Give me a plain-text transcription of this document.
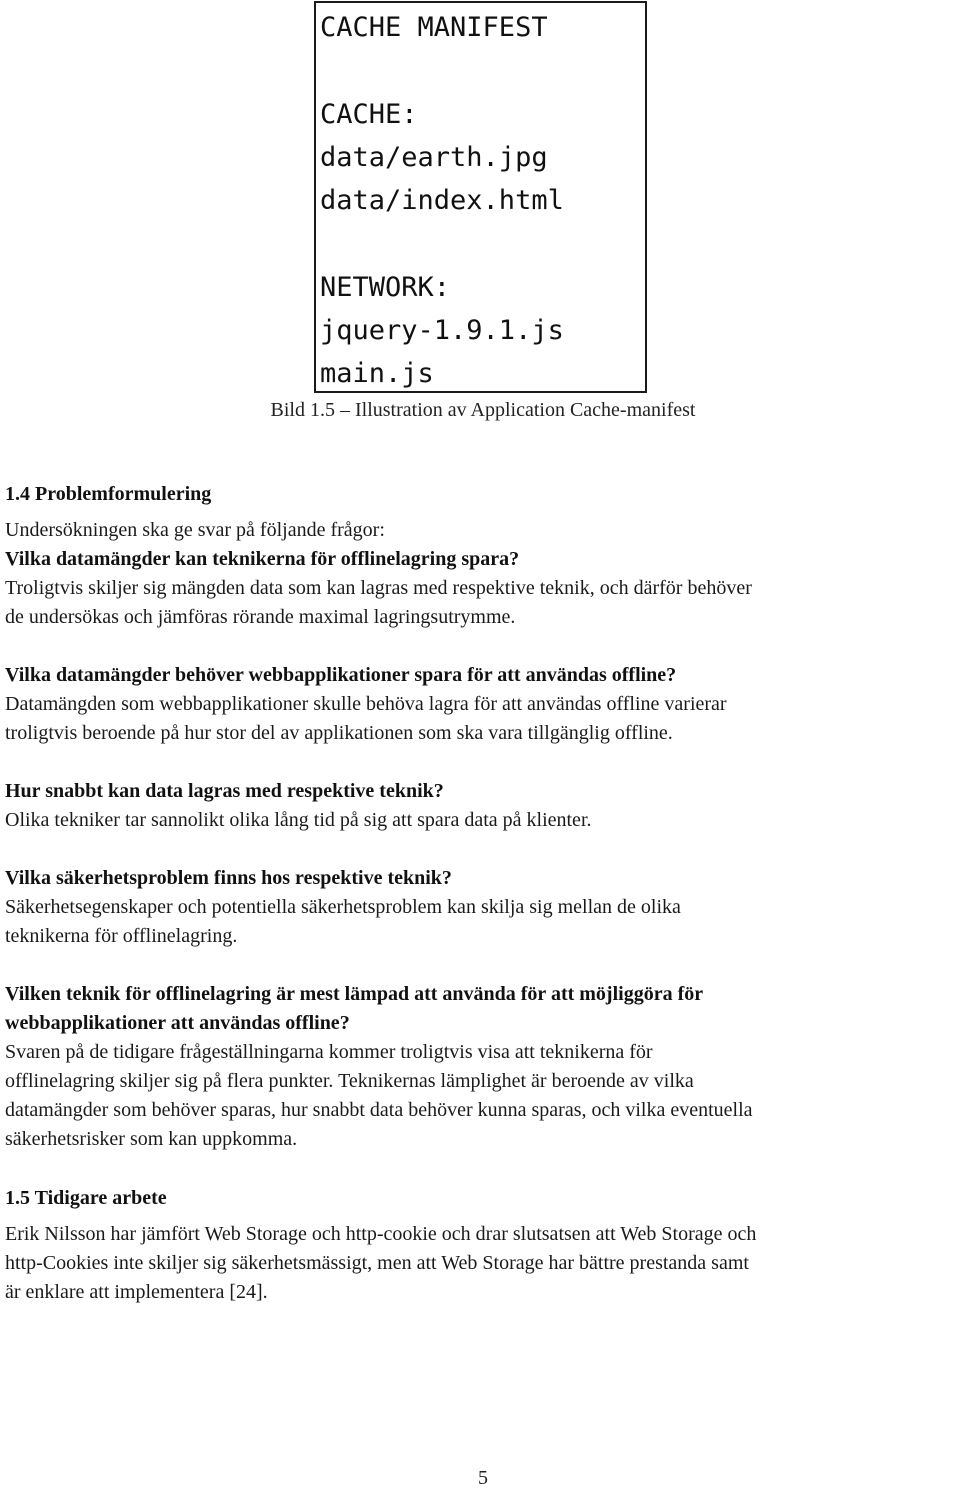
CACHE MANIFEST
CACHE:
data/earth.jpg
data/index.html
NETWORK:
jquery-1.9.1.js
main.js
Bild 1.5 – Illustration av Application Cache-manifest
1.4 Problemformulering
Undersökningen ska ge svar på följande frågor:
Vilka datamängder kan teknikerna för offlinelagring spara?
Troligtvis skiljer sig mängden data som kan lagras med respektive teknik, och därför behöver
de undersökas och jämföras rörande maximal lagringsutrymme.
Vilka datamängder behöver webbapplikationer spara för att användas offline?
Datamängden som webbapplikationer skulle behöva lagra för att användas offline varierar
troligtvis beroende på hur stor del av applikationen som ska vara tillgänglig offline.
Hur snabbt kan data lagras med respektive teknik?
Olika tekniker tar sannolikt olika lång tid på sig att spara data på klienter.
Vilka säkerhetsproblem finns hos respektive teknik?
Säkerhetsegenskaper och potentiella säkerhetsproblem kan skilja sig mellan de olika
teknikerna för offlinelagring.
Vilken teknik för offlinelagring är mest lämpad att använda för att möjliggöra för
webbapplikationer att användas offline?
Svaren på de tidigare frågeställningarna kommer troligtvis visa att teknikerna för
offlinelagring skiljer sig på flera punkter. Teknikernas lämplighet är beroende av vilka
datamängder som behöver sparas, hur snabbt data behöver kunna sparas, och vilka eventuella
säkerhetsrisker som kan uppkomma.
1.5 Tidigare arbete
Erik Nilsson har jämfört Web Storage och http-cookie och drar slutsatsen att Web Storage och
http-Cookies inte skiljer sig säkerhetsmässigt, men att Web Storage har bättre prestanda samt
är enklare att implementera [24].
5
